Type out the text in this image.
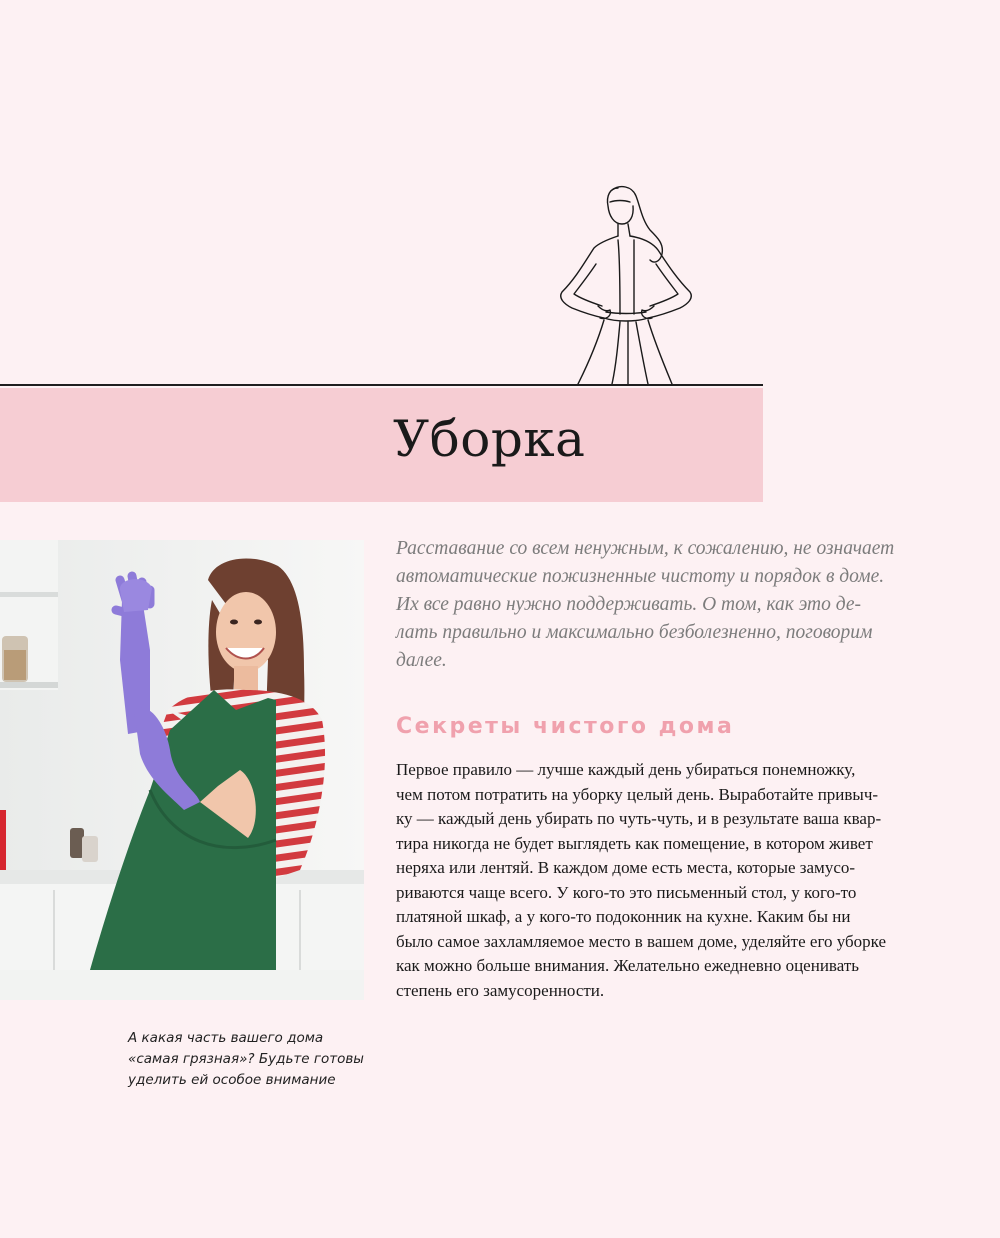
Уборка
А какая часть вашего дома
«самая грязная»? Будьте готовы
уделить ей особое внимание
Расставание со всем ненужным, к сожалению, не означает
автоматические пожизненные чистоту и порядок в доме.
Их все равно нужно поддерживать. О том, как это де-
лать правильно и максимально безболезненно, поговорим
далее.
Секреты чистого дома
Первое правило — лучше каждый день убираться понемножку,
чем потом потратить на уборку целый день. Выработайте привыч-
ку — каждый день убирать по чуть-чуть, и в результате ваша квар-
тира никогда не будет выглядеть как помещение, в котором живет
неряха или лентяй. В каждом доме есть места, которые замусо-
риваются чаще всего. У кого-то это письменный стол, у кого-то
платяной шкаф, а у кого-то подоконник на кухне. Каким бы ни
было самое захламляемое место в вашем доме, уделяйте его уборке
как можно больше внимания. Желательно ежедневно оценивать
степень его замусоренности.
